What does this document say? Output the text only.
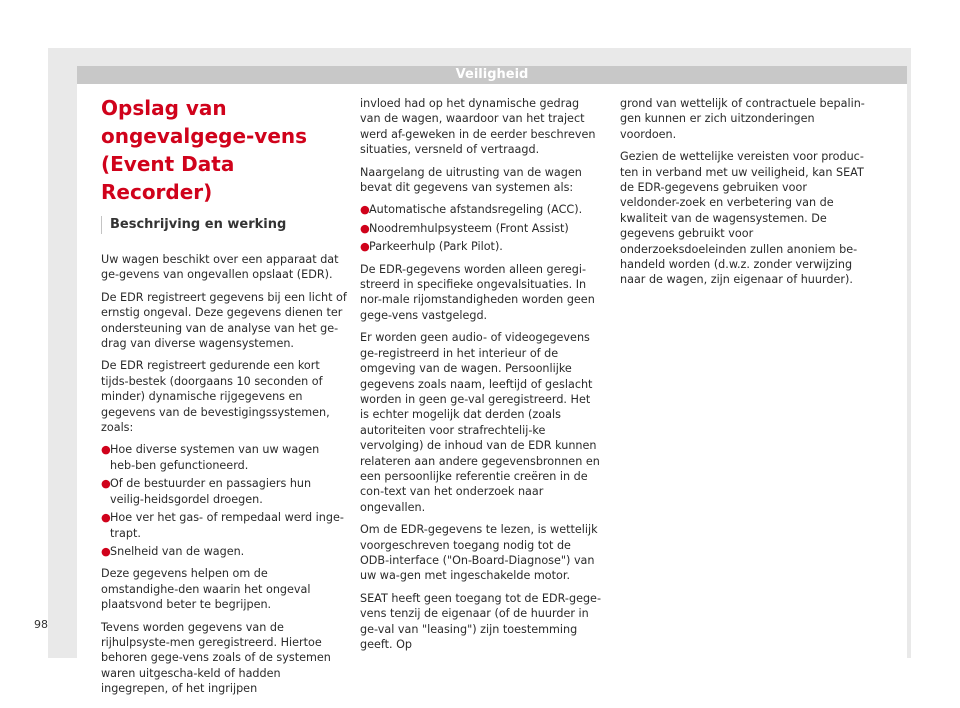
Veiligheid
Opslag van ongevalgege-vens (Event Data Recorder)
Beschrijving en werking

Uw wagen beschikt over een apparaat dat ge-gevens van ongevallen opslaat (EDR).

De EDR registreert gegevens bij een licht of ernstig ongeval. Deze gegevens dienen ter ondersteuning van de analyse van het ge-drag van diverse wagensystemen.

De EDR registreert gedurende een kort tijds-bestek (doorgaans 10 seconden of minder) dynamische rijgegevens en gegevens van de bevestigingssystemen, zoals:

● Hoe diverse systemen van uw wagen heb-ben gefunctioneerd.
● Of de bestuurder en passagiers hun veilig-heidsgordel droegen.
● Hoe ver het gas- of rempedaal werd inge-trapt.
● Snelheid van de wagen.

Deze gegevens helpen om de omstandighe-den waarin het ongeval plaatsvond beter te begrijpen.

Tevens worden gegevens van de rijhulpsyste-men geregistreerd. Hiertoe behoren gege-vens zoals of de systemen waren uitgescha-keld of hadden ingegrepen, of het ingrijpen

invloed had op het dynamische gedrag van de wagen, waardoor van het traject werd af-geweken in de eerder beschreven situaties, versneld of vertraagd.

Naargelang de uitrusting van de wagen bevat dit gegevens van systemen als:

● Automatische afstandsregeling (ACC).
● Noodremhulpsysteem (Front Assist)
● Parkeerhulp (Park Pilot).

De EDR-gegevens worden alleen geregi-streerd in specifieke ongevalsituaties. In nor-male rijomstandigheden worden geen gege-vens vastgelegd.

Er worden geen audio- of videogegevens ge-registreerd in het interieur of de omgeving van de wagen. Persoonlijke gegevens zoals naam, leeftijd of geslacht worden in geen ge-val geregistreerd. Het is echter mogelijk dat derden (zoals autoriteiten voor strafrechtelij-ke vervolging) de inhoud van de EDR kunnen relateren aan andere gegevensbronnen en een persoonlijke referentie creëren in de con-text van het onderzoek naar ongevallen.

Om de EDR-gegevens te lezen, is wettelijk voorgeschreven toegang nodig tot de ODB-interface ("On-Board-Diagnose") van uw wa-gen met ingeschakelde motor.

SEAT heeft geen toegang tot de EDR-gege-vens tenzij de eigenaar (of de huurder in ge-val van "leasing") zijn toestemming geeft. Op

grond van wettelijk of contractuele bepalin-gen kunnen er zich uitzonderingen voordoen.

Gezien de wettelijke vereisten voor produc-ten in verband met uw veiligheid, kan SEAT de EDR-gegevens gebruiken voor veldonder-zoek en verbetering van de kwaliteit van de wagensystemen. De gegevens gebruikt voor onderzoeksdoeleinden zullen anoniem be-handeld worden (d.w.z. zonder verwijzing naar de wagen, zijn eigenaar of huurder).

98
